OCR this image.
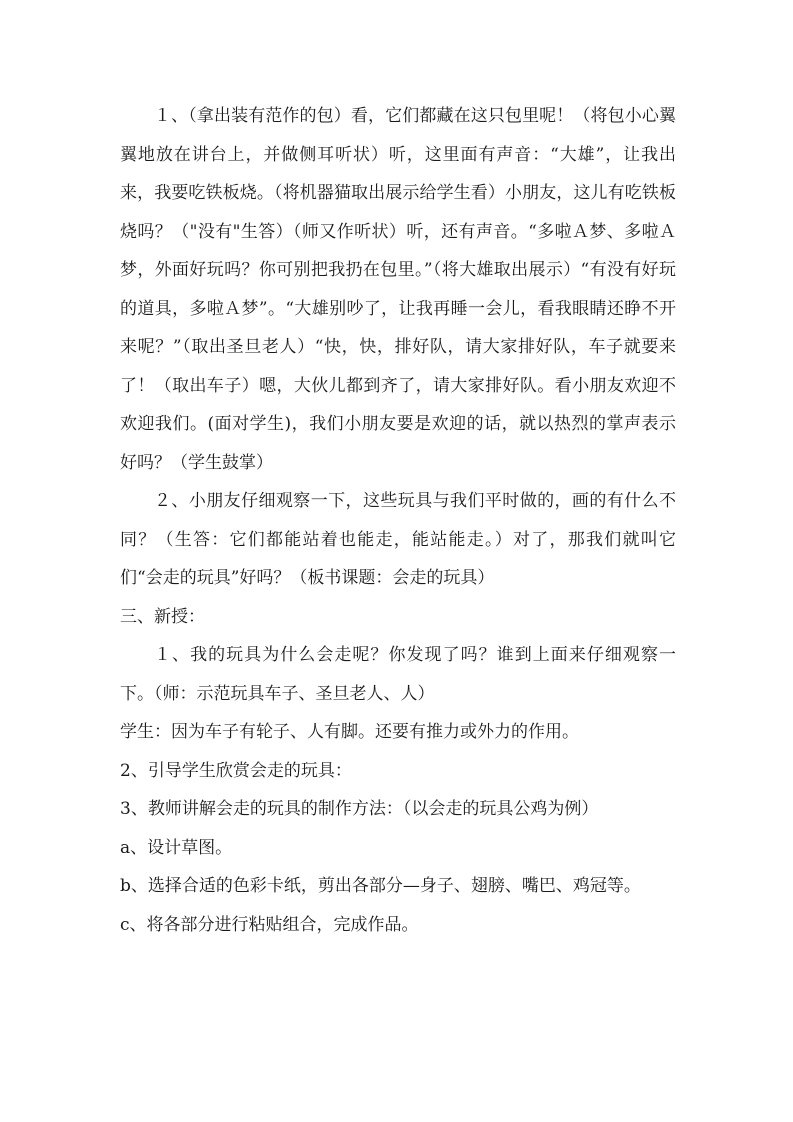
１、（拿出装有范作的包）看，它们都藏在这只包里呢！（将包小心翼翼地放在讲台上，并做侧耳听状）听，这里面有声音：“大雄”，让我出来，我要吃铁板烧。（将机器猫取出展示给学生看）小朋友，这儿有吃铁板烧吗？（"没有"生答）（师又作听状）听，还有声音。“多啦Ａ梦、多啦Ａ梦，外面好玩吗？你可别把我扔在包里。”（将大雄取出展示）“有没有好玩的道具，多啦Ａ梦”。“大雄别吵了，让我再睡一会儿，看我眼睛还睁不开来呢？”（取出圣旦老人）“快，快，排好队，请大家排好队，车子就要来了！（取出车子）嗯，大伙儿都到齐了，请大家排好队。看小朋友欢迎不欢迎我们。(面对学生)，我们小朋友要是欢迎的话，就以热烈的掌声表示好吗？（学生鼓掌）

２、小朋友仔细观察一下，这些玩具与我们平时做的，画的有什么不同？（生答：它们都能站着也能走，能站能走。）对了，那我们就叫它们“会走的玩具”好吗？（板书课题：会走的玩具）

三、新授：

１、我的玩具为什么会走呢？你发现了吗？谁到上面来仔细观察一下。（师：示范玩具车子、圣旦老人、人）

学生：因为车子有轮子、人有脚。还要有推力或外力的作用。

2、引导学生欣赏会走的玩具：

3、教师讲解会走的玩具的制作方法：（以会走的玩具公鸡为例）

a、设计草图。

b、选择合适的色彩卡纸，剪出各部分—身子、翅膀、嘴巴、鸡冠等。

c、将各部分进行粘贴组合，完成作品。
